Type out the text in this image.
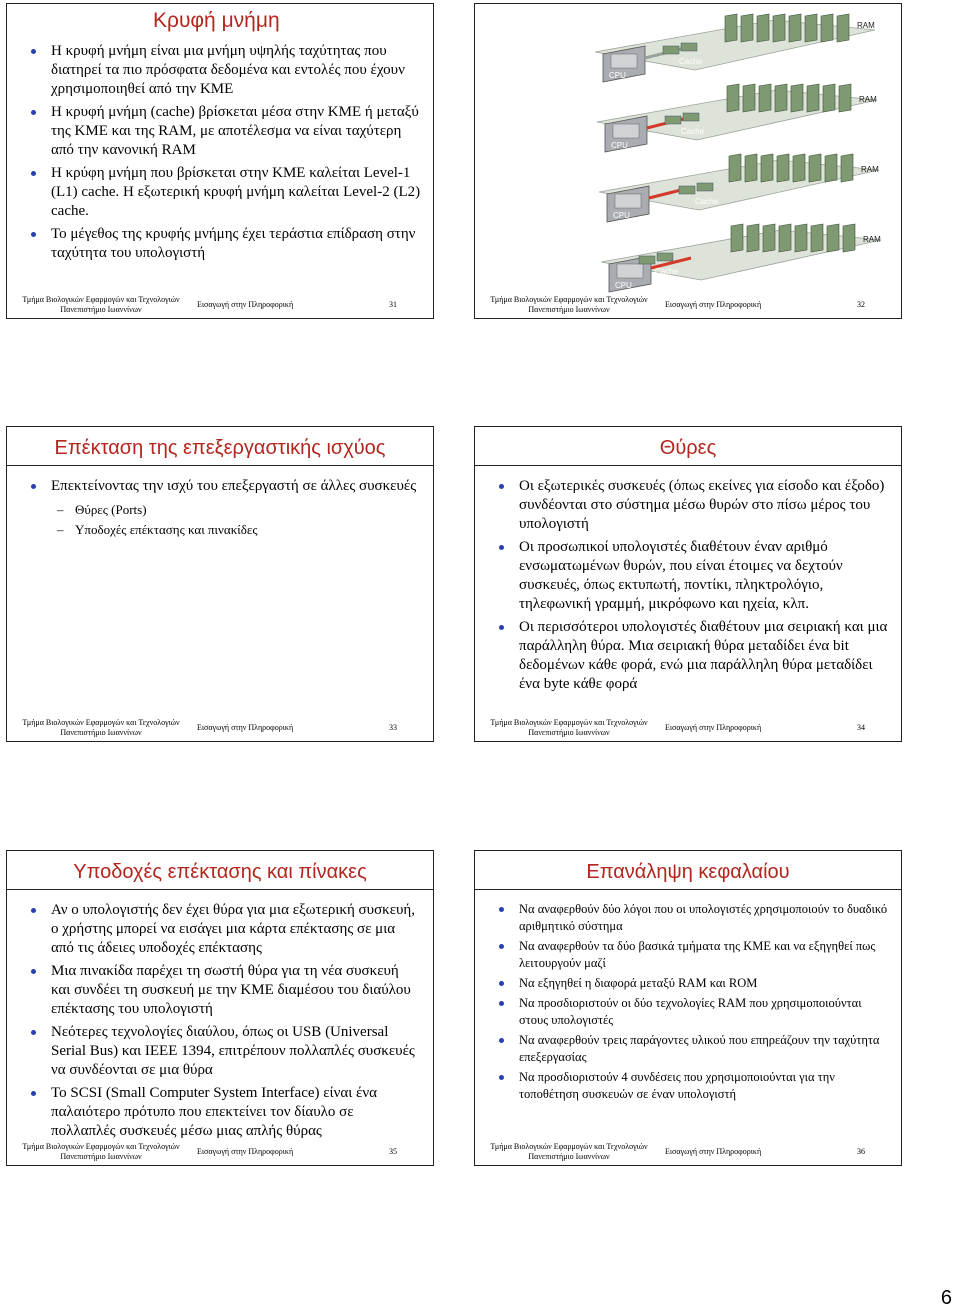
Κρυφή μνήμη
Η κρυφή μνήμη είναι μια μνήμη υψηλής ταχύτητας που διατηρεί τα πιο πρόσφατα δεδομένα και εντολές που έχουν χρησιμοποιηθεί από την ΚΜΕ
Η κρυφή μνήμη (cache) βρίσκεται μέσα στην ΚΜΕ ή μεταξύ της ΚΜΕ και της RAM, με αποτέλεσμα να είναι ταχύτερη από την κανονική RAM
Η κρύφη μνήμη που βρίσκεται στην ΚΜΕ καλείται Level-1 (L1) cache. Η εξωτερική κρυφή μνήμη καλείται Level-2 (L2) cache.
Το μέγεθος της κρυφής μνήμης έχει τεράστια επίδραση στην ταχύτητα του υπολογιστή
Τμήμα Βιολογικών Εφαρμογών και Τεχνολογιών
Πανεπιστήμιο Ιωαννίνων
Εισαγωγή στην Πληροφορική	31
CPU
Cache
RAM
CPU
Cache
RAM
CPU
Cache
RAM
CPU
Cache
RAM
Τμήμα Βιολογικών Εφαρμογών και Τεχνολογιών
Πανεπιστήμιο Ιωαννίνων
Εισαγωγή στην Πληροφορική	32
Επέκταση της επεξεργαστικής ισχύος
Επεκτείνοντας την ισχύ του επεξεργαστή σε άλλες συσκευές
– Θύρες (Ports)
– Υποδοχές επέκτασης και πινακίδες
Τμήμα Βιολογικών Εφαρμογών και Τεχνολογιών
Πανεπιστήμιο Ιωαννίνων
Εισαγωγή στην Πληροφορική	33
Θύρες
Οι εξωτερικές συσκευές (όπως εκείνες για είσοδο και έξοδο) συνδέονται στο σύστημα μέσω θυρών στο πίσω μέρος του υπολογιστή
Οι προσωπικοί υπολογιστές διαθέτουν έναν αριθμό ενσωματωμένων θυρών, που είναι έτοιμες να δεχτούν συσκευές, όπως εκτυπωτή, ποντίκι, πληκτρολόγιο, τηλεφωνική γραμμή, μικρόφωνο και ηχεία, κλπ.
Οι περισσότεροι υπολογιστές διαθέτουν μια σειριακή και μια παράλληλη θύρα. Μια σειριακή θύρα μεταδίδει ένα bit δεδομένων κάθε φορά, ενώ μια παράλληλη θύρα μεταδίδει ένα byte κάθε φορά
Τμήμα Βιολογικών Εφαρμογών και Τεχνολογιών
Πανεπιστήμιο Ιωαννίνων
Εισαγωγή στην Πληροφορική	34
Υποδοχές επέκτασης και πίνακες
Αν ο υπολογιστής δεν έχει θύρα για μια εξωτερική συσκευή, ο χρήστης μπορεί να εισάγει μια κάρτα επέκτασης σε μια από τις άδειες υποδοχές επέκτασης
Μια πινακίδα παρέχει τη σωστή θύρα για τη νέα συσκευή και συνδέει τη συσκευή με την ΚΜΕ διαμέσου του διαύλου επέκτασης του υπολογιστή
Νεότερες τεχνολογίες διαύλου, όπως οι USB (Universal Serial Bus) και IEEE 1394, επιτρέπουν πολλαπλές συσκευές να συνδέονται σε μια θύρα
Το SCSI (Small Computer System Interface) είναι ένα παλαιότερο πρότυπο που επεκτείνει τον δίαυλο σε πολλαπλές συσκευές μέσω μιας απλής θύρας
Τμήμα Βιολογικών Εφαρμογών και Τεχνολογιών
Πανεπιστήμιο Ιωαννίνων
Εισαγωγή στην Πληροφορική	35
Επανάληψη κεφαλαίου
Να αναφερθούν δύο λόγοι που οι υπολογιστές χρησιμοποιούν το δυαδικό αριθμητικό σύστημα
Να αναφερθούν τα δύο βασικά τμήματα της ΚΜΕ και να εξηγηθεί πως λειτουργούν μαζί
Να εξηγηθεί η διαφορά μεταξύ RAM και ROM
Να προσδιοριστούν οι δύο τεχνολογίες RAM που χρησιμοποιούνται στους υπολογιστές
Να αναφερθούν τρεις παράγοντες υλικού που επηρεάζουν την ταχύτητα επεξεργασίας
Να προσδιοριστούν 4 συνδέσεις που χρησιμοποιούνται για την τοποθέτηση συσκευών σε έναν υπολογιστή
Τμήμα Βιολογικών Εφαρμογών και Τεχνολογιών
Πανεπιστήμιο Ιωαννίνων
Εισαγωγή στην Πληροφορική	36
6
